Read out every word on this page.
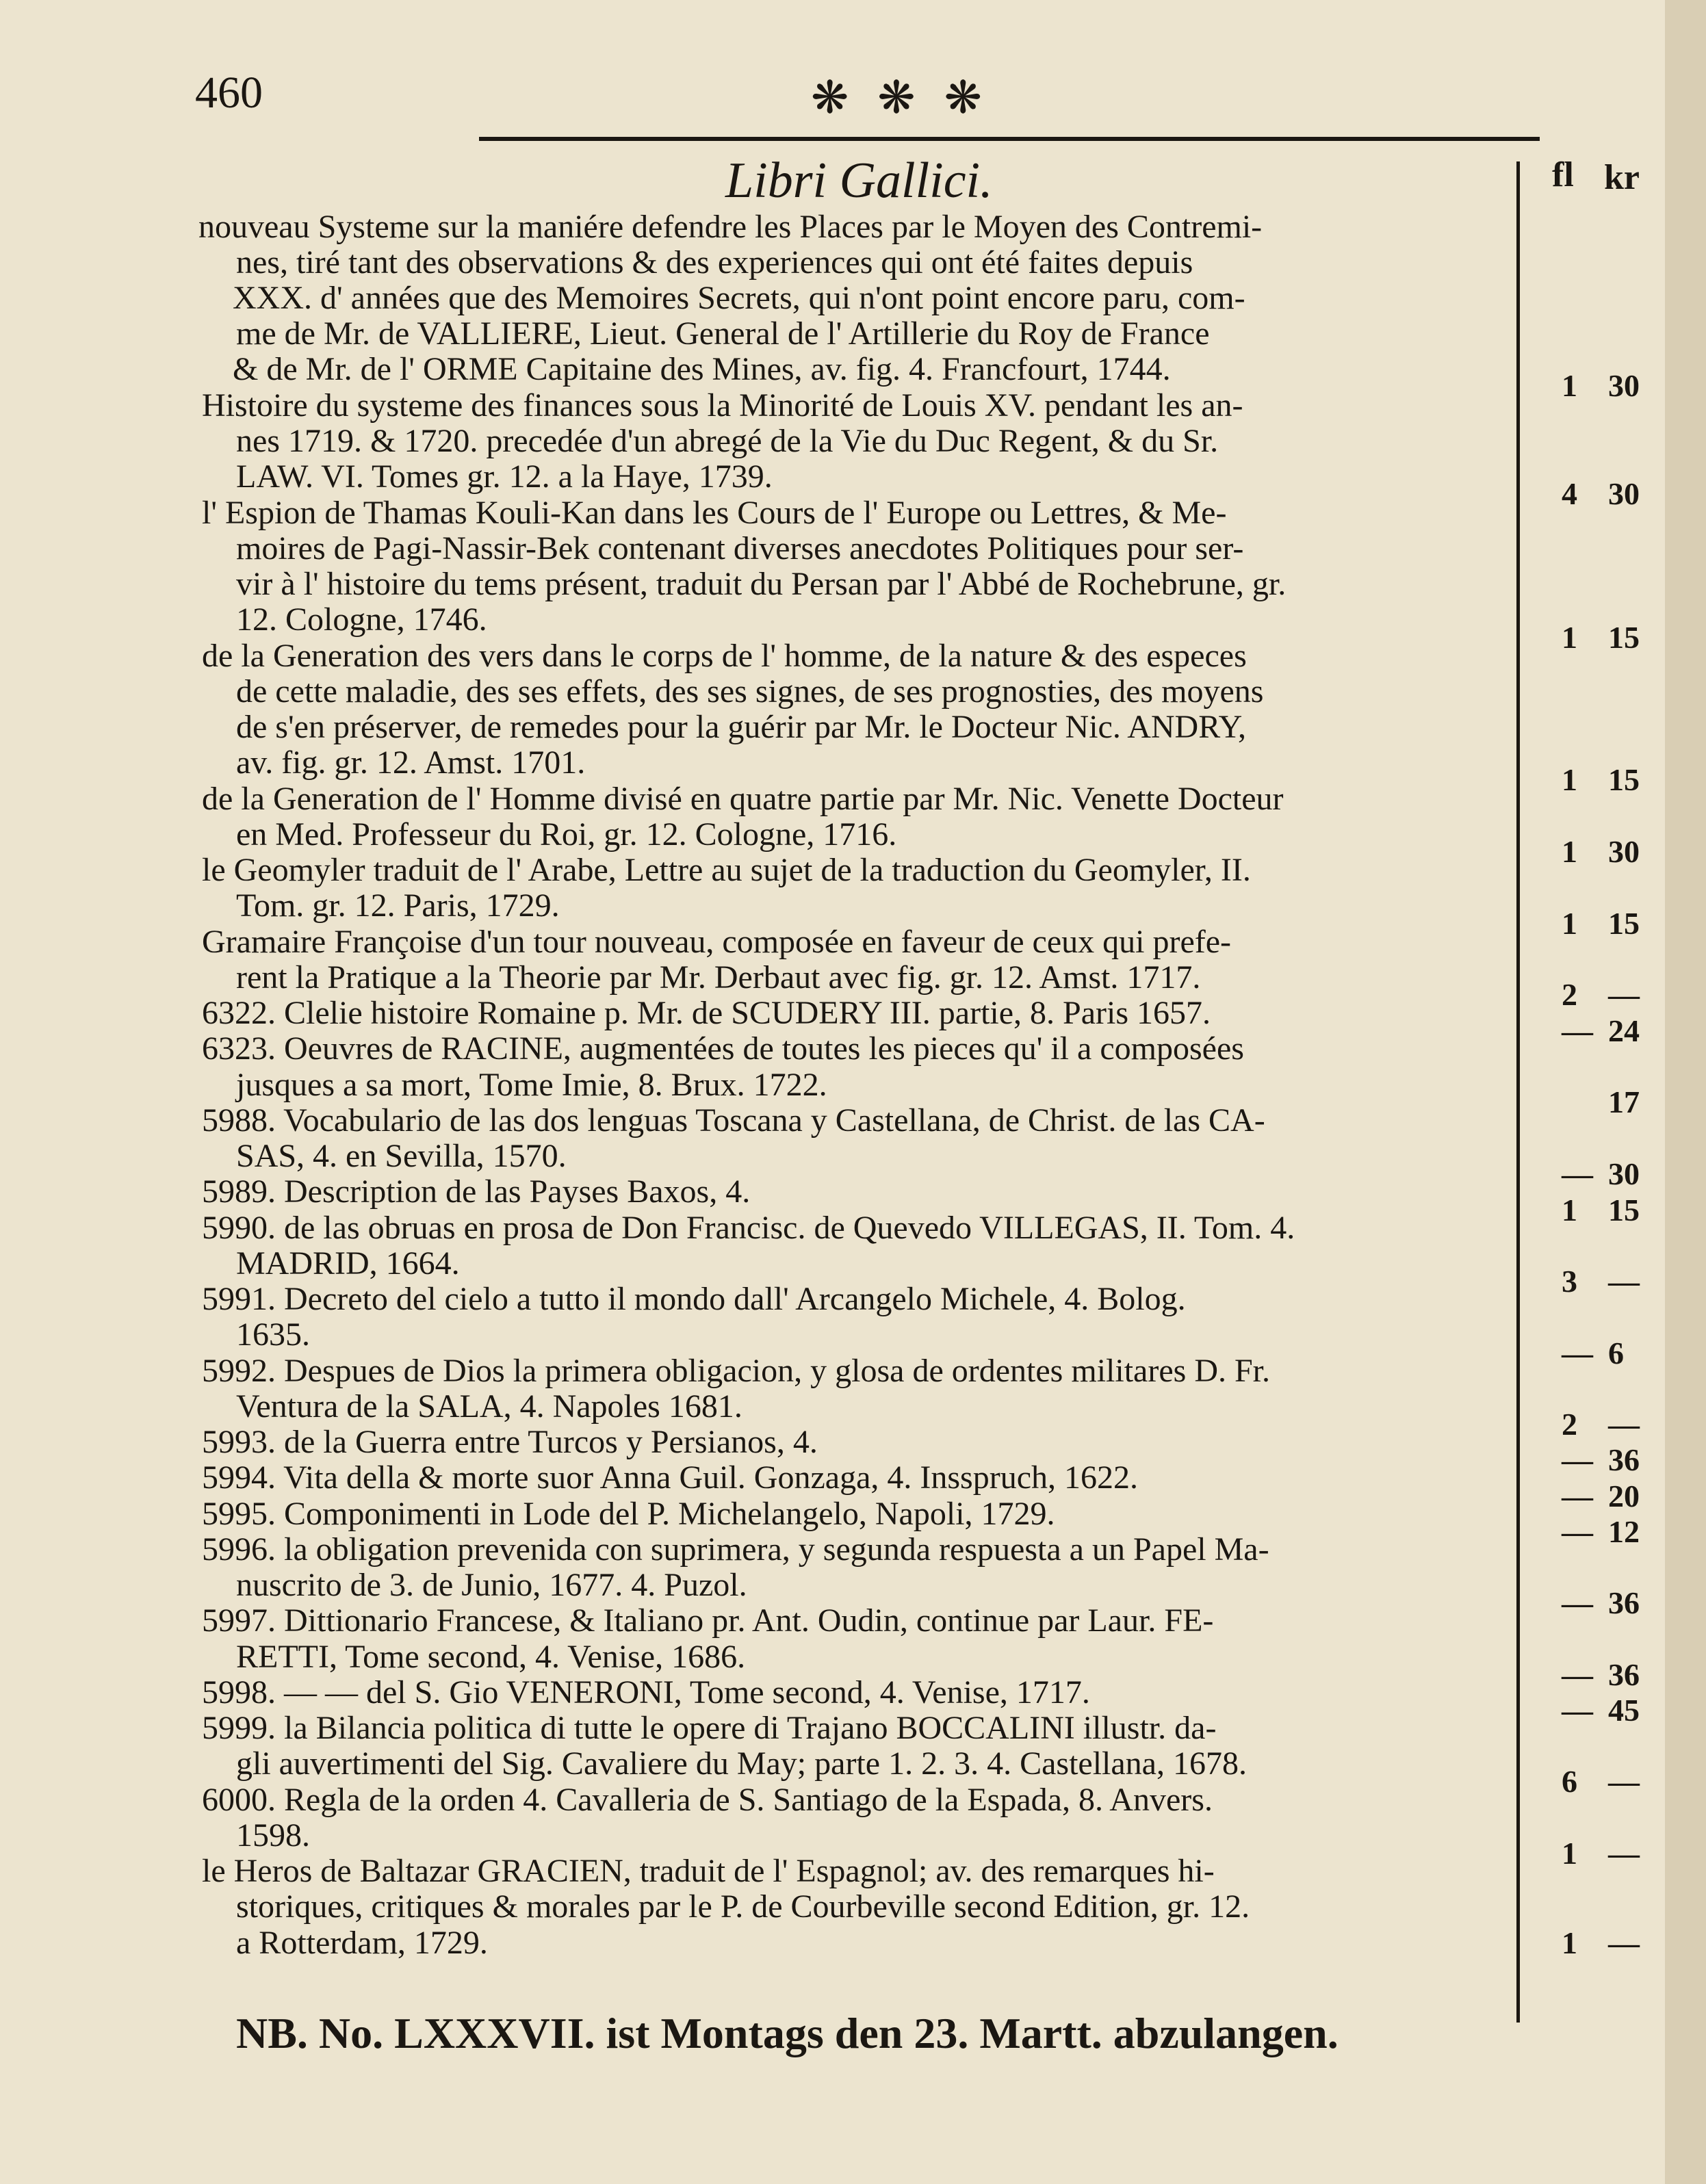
460	❋❋❋
Libri Gallici.	fl kr
nouveau Systeme sur la maniére defendre les Places par le Moyen des Contremi-
nes, tiré tant des observations & des experiences qui ont été faites depuis
XXX. d' années que des Memoires Secrets, qui n'ont point encore paru, com-
me de Mr. de VALLIERE, Lieut. General de l' Artillerie du Roy de France
& de Mr. de l' ORME Capitaine des Mines, av. fig. 4. Francfourt, 1744.
Histoire du systeme des finances sous la Minorité de Louis XV. pendant les an-
nes 1719. & 1720. precedée d'un abregé de la Vie du Duc Regent, & du Sr.
LAW. VI. Tomes gr. 12. a la Haye, 1739.
l' Espion de Thamas Kouli-Kan dans les Cours de l' Europe ou Lettres, & Me-
moires de Pagi-Nassir-Bek contenant diverses anecdotes Politiques pour ser-
vir à l' histoire du tems présent, traduit du Persan par l' Abbé de Rochebrune, gr.
12. Cologne, 1746.
de la Generation des vers dans le corps de l' homme, de la nature & des especes
de cette maladie, des ses effets, des ses signes, de ses prognosties, des moyens
de s'en préserver, de remedes pour la guérir par Mr. le Docteur Nic. ANDRY,
av. fig. gr. 12. Amst. 1701.
de la Generation de l' Homme divisé en quatre partie par Mr. Nic. Venette Docteur
en Med. Professeur du Roi, gr. 12. Cologne, 1716.
le Geomyler traduit de l' Arabe, Lettre au sujet de la traduction du Geomyler, II.
Tom. gr. 12. Paris, 1729.
Gramaire Françoise d'un tour nouveau, composée en faveur de ceux qui prefe-
rent la Pratique a la Theorie par Mr. Derbaut avec fig. gr. 12. Amst. 1717.
6322. Clelie histoire Romaine p. Mr. de SCUDERY III. partie, 8. Paris 1657.
6323. Oeuvres de RACINE, augmentées de toutes les pieces qu' il a composées
jusques a sa mort, Tome Imie, 8. Brux. 1722.
5988. Vocabulario de las dos lenguas Toscana y Castellana, de Christ. de las CA-
SAS, 4. en Sevilla, 1570.
5989. Description de las Payses Baxos, 4.
5990. de las obruas en prosa de Don Francisc. de Quevedo VILLEGAS, II. Tom. 4.
MADRID, 1664.
5991. Decreto del cielo a tutto il mondo dall' Arcangelo Michele, 4. Bolog.
1635.
5992. Despues de Dios la primera obligacion, y glosa de ordentes militares D. Fr.
Ventura de la SALA, 4. Napoles 1681.
5993. de la Guerra entre Turcos y Persianos, 4.
5994. Vita della & morte suor Anna Guil. Gonzaga, 4. Insspruch, 1622.
5995. Componimenti in Lode del P. Michelangelo, Napoli, 1729.
5996. la obligation prevenida con suprimera, y segunda respuesta a un Papel Ma-
nuscrito de 3. de Junio, 1677. 4. Puzol.
5997. Dittionario Francese, & Italiano pr. Ant. Oudin, continue par Laur. FE-
RETTI, Tome second, 4. Venise, 1686.
5998. — — del S. Gio VENERONI, Tome second, 4. Venise, 1717.
5999. la Bilancia politica di tutte le opere di Trajano BOCCALINI illustr. da-
gli auvertimenti del Sig. Cavaliere du May; parte 1. 2. 3. 4. Castellana, 1678.
6000. Regla de la orden 4. Cavalleria de S. Santiago de la Espada, 8. Anvers.
1598.
le Heros de Baltazar GRACIEN, traduit de l' Espagnol; av. des remarques hi-
storiques, critiques & morales par le P. de Courbeville second Edition, gr. 12.
a Rotterdam, 1729.
1 30
4 30
1 15
1 15
1 30
1 15
2 —
— 24
17
— 30
1 15
3 —
— 6
2 —
— 36
— 20
— 12
— 36
— 36
— 45
6 —
1 —
1 —
NB. No. LXXXVII. ist Montags den 23. Martt. abzulangen.
